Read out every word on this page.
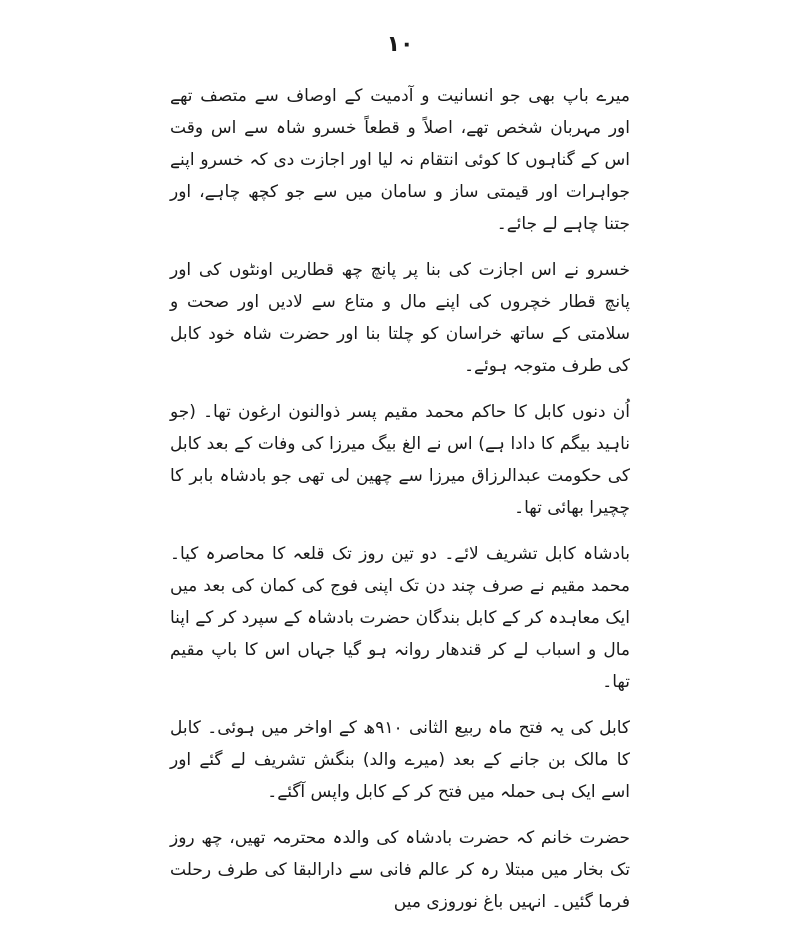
۱۰

میرے باپ بھی جو انسانیت و آدمیت کے اوصاف سے متصف تھے اور مہربان شخص تھے، اصلاً و قطعاً خسرو شاہ سے اس وقت اس کے گناہوں کا کوئی انتقام نہ لیا اور اجازت دی کہ خسرو اپنے جواہرات اور قیمتی ساز و سامان میں سے جو کچھ چاہے، اور جتنا چاہے لے جائے۔

خسرو نے اس اجازت کی بنا پر پانچ چھ قطاریں اونٹوں کی اور پانچ قطار خچروں کی اپنے مال و متاع سے لادیں اور صحت و سلامتی کے ساتھ خراسان کو چلتا بنا اور حضرت شاہ خود کابل کی طرف متوجہ ہوئے۔

اُن دنوں کابل کا حاکم محمد مقیم پسر ذوالنون ارغون تھا۔ (جو ناہید بیگم کا دادا ہے) اس نے الغ بیگ میرزا کی وفات کے بعد کابل کی حکومت عبدالرزاق میرزا سے چھین لی تھی جو بادشاہ بابر کا چچیرا بھائی تھا۔

بادشاہ کابل تشریف لائے۔ دو تین روز تک قلعہ کا محاصرہ کیا۔ محمد مقیم نے صرف چند دن تک اپنی فوج کی کمان کی بعد میں ایک معاہدہ کر کے کابل بندگان حضرت بادشاہ کے سپرد کر کے اپنا مال و اسباب لے کر قندھار روانہ ہو گیا جہاں اس کا باپ مقیم تھا۔

کابل کی یہ فتح ماہ ربیع الثانی ۹۱۰ھ کے اواخر میں ہوئی۔ کابل کا مالک بن جانے کے بعد (میرے والد) بنگش تشریف لے گئے اور اسے ایک ہی حملہ میں فتح کر کے کابل واپس آگئے۔

حضرت خانم کہ حضرت بادشاہ کی والدہ محترمہ تھیں، چھ روز تک بخار میں مبتلا رہ کر عالم فانی سے دارالبقا کی طرف رحلت فرما گئیں۔ انہیں باغ نوروزی میں
